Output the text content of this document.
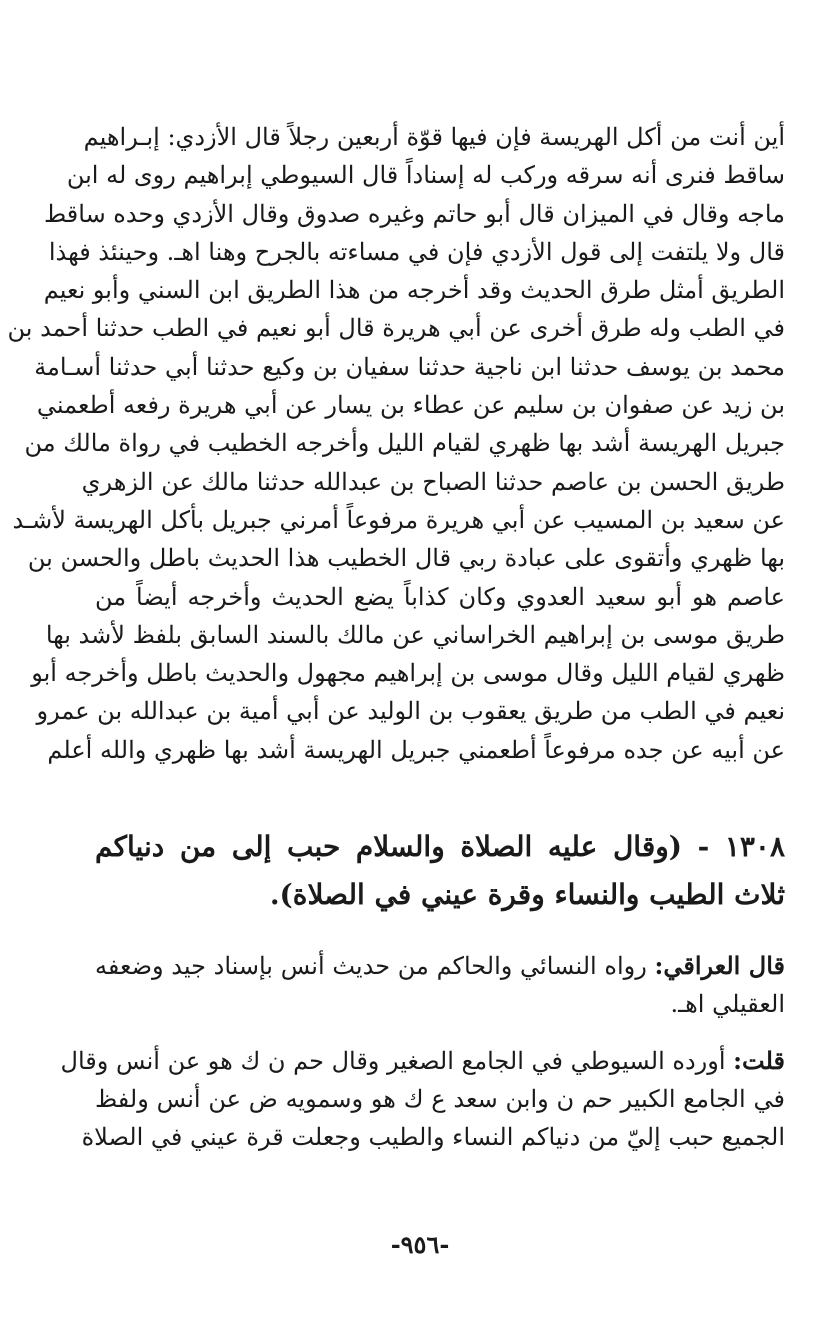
أين أنت من أكل الهريسة فإن فيها قوّة أربعين رجلاً قال الأزدي: إبـراهيم
ساقط فنرى أنه سرقه وركب له إسناداً قال السيوطي إبراهيم روى له ابن
ماجه وقال في الميزان قال أبو حاتم وغيره صدوق وقال الأزدي وحده ساقط
قال ولا يلتفت إلى قول الأزدي فإن في مساءته بالجرح وهنا اهـ. وحينئذ فهذا
الطريق أمثل طرق الحديث وقد أخرجه من هذا الطريق ابن السني وأبو نعيم
في الطب وله طرق أخرى عن أبي هريرة قال أبو نعيم في الطب حدثنا أحمد بن
محمد بن يوسف حدثنا ابن ناجية حدثنا سفيان بن وكيع حدثنا أبي حدثنا أسـامة
بن زيد عن صفوان بن سليم عن عطاء بن يسار عن أبي هريرة رفعه أطعمني
جبريل الهريسة أشد بها ظهري لقيام الليل وأخرجه الخطيب في رواة مالك من
طريق الحسن بن عاصم حدثنا الصباح بن عبدالله حدثنا مالك عن الزهري
عن سعيد بن المسيب عن أبي هريرة مرفوعاً أمرني جبريل بأكل الهريسة لأشـد
بها ظهري وأتقوى على عبادة ربي قال الخطيب هذا الحديث باطل والحسن بن
عاصم هو أبو سعيد العدوي وكان كذاباً يضع الحديث وأخرجه أيضاً من
طريق موسى بن إبراهيم الخراساني عن مالك بالسند السابق بلفظ لأشد بها
ظهري لقيام الليل وقال موسى بن إبراهيم مجهول والحديث باطل وأخرجه أبو
نعيم في الطب من طريق يعقوب بن الوليد عن أبي أمية بن عبدالله بن عمرو
عن أبيه عن جده مرفوعاً أطعمني جبريل الهريسة أشد بها ظهري والله أعلم
١٣٠٨ - (وقال عليه الصلاة والسلام حبب إلى من دنياكم
ثلاث الطيب والنساء وقرة عيني في الصلاة).
قال العراقي: رواه النسائي والحاكم من حديث أنس بإسناد جيد وضعفه
العقيلي اهـ.
قلت: أورده السيوطي في الجامع الصغير وقال حم ن ك هو عن أنس وقال
في الجامع الكبير حم ن وابن سعد ع ك هو وسمويه ض عن أنس ولفظ
الجميع حبب إليّ من دنياكم النساء والطيب وجعلت قرة عيني في الصلاة
-٩٥٦-
